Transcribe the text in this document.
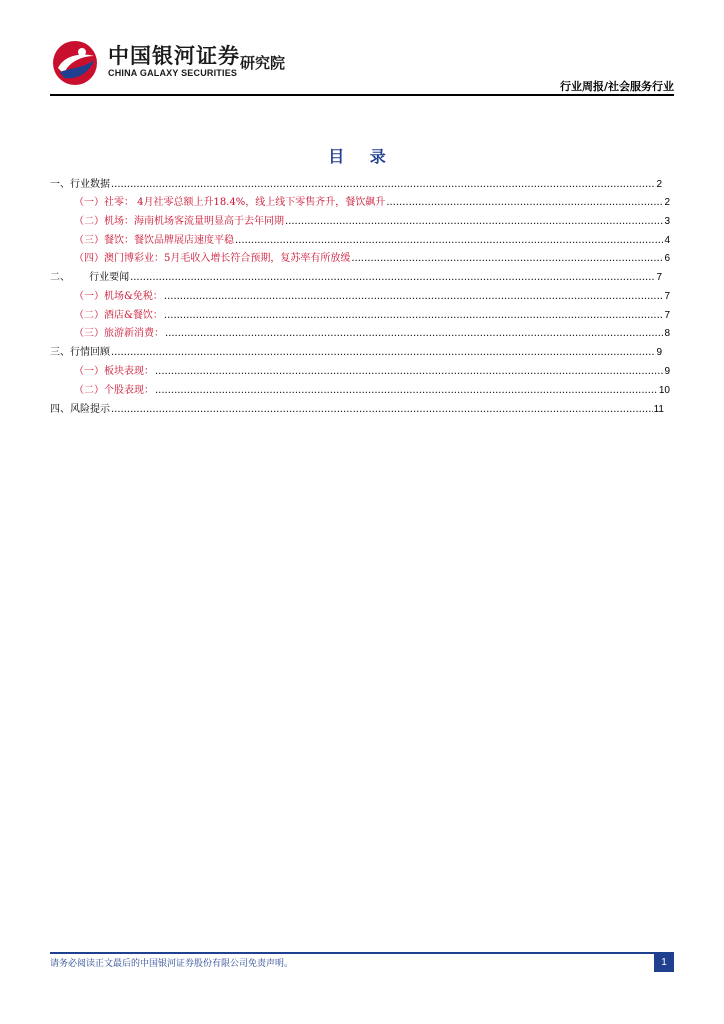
中国银河证券
CHINA GALAXY SECURITIES
研究院
行业周报/社会服务行业
目 录
一、行业数据 .....	2
（一）社零： 4月社零总额上升18.4%，线上线下零售齐升，餐饮飙升 .....	2
（二）机场：海南机场客流量明显高于去年同期 .....	3
（三）餐饮：餐饮品牌展店速度平稳 .....	4
（四）澳门博彩业：5月毛收入增长符合预期，复苏率有所放缓 .....	6
二、      行业要闻 .....	7
（一）机场&免税： .....	7
（二）酒店&餐饮： .....	7
（三）旅游新消费： .....	8
三、行情回顾 .....	9
（一）板块表现： .....	9
（二）个股表现： .....	10
四、风险提示 .....	11
请务必阅读正文最后的中国银河证券股份有限公司免责声明。	1
